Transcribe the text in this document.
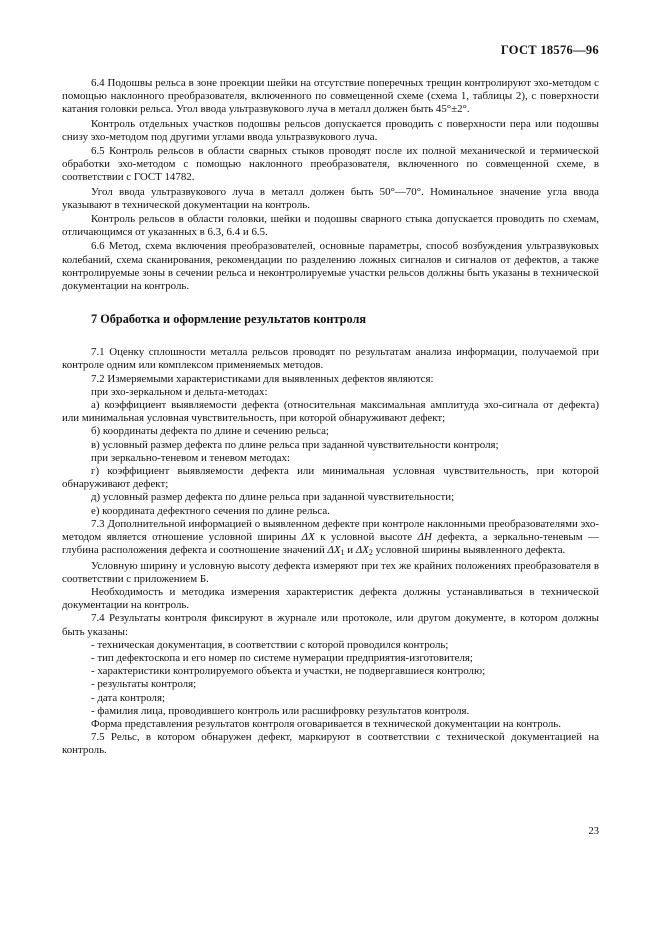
ГОСТ 18576—96

6.4 Подошвы рельса в зоне проекции шейки на отсутствие поперечных трещин контролируют эхо-методом с помощью наклонного преобразователя, включенного по совмещенной схеме (схема 1, таблицы 2), с поверхности катания головки рельса. Угол ввода ультразвукового луча в металл должен быть 45°±2°.

Контроль отдельных участков подошвы рельсов допускается проводить с поверхности пера или подошвы снизу эхо-методом под другими углами ввода ультразвукового луча.

6.5 Контроль рельсов в области сварных стыков проводят после их полной механической и термической обработки эхо-методом с помощью наклонного преобразователя, включенного по совмещенной схеме, в соответствии с ГОСТ 14782.

Угол ввода ультразвукового луча в металл должен быть 50°—70°. Номинальное значение угла ввода указывают в технической документации на контроль.

Контроль рельсов в области головки, шейки и подошвы сварного стыка допускается проводить по схемам, отличающимся от указанных в 6.3, 6.4 и 6.5.

6.6 Метод, схема включения преобразователей, основные параметры, способ возбуждения ультразвуковых колебаний, схема сканирования, рекомендации по разделению ложных сигналов и сигналов от дефектов, а также контролируемые зоны в сечении рельса и неконтролируемые участки рельсов должны быть указаны в технической документации на контроль.

7 Обработка и оформление результатов контроля

7.1 Оценку сплошности металла рельсов проводят по результатам анализа информации, получаемой при контроле одним или комплексом применяемых методов.

7.2 Измеряемыми характеристиками для выявленных дефектов являются:

при эхо-зеркальном и дельта-методах:

а) коэффициент выявляемости дефекта (относительная максимальная амплитуда эхо-сигнала от дефекта) или минимальная условная чувствительность, при которой обнаруживают дефект;

б) координаты дефекта по длине и сечению рельса;

в) условный размер дефекта по длине рельса при заданной чувствительности контроля;

при зеркально-теневом и теневом методах:

г) коэффициент выявляемости дефекта или минимальная условная чувствительность, при которой обнаруживают дефект;

д) условный размер дефекта по длине рельса при заданной чувствительности;

е) координата дефектного сечения по длине рельса.

7.3 Дополнительной информацией о выявленном дефекте при контроле наклонными преобразователями эхо-методом является отношение условной ширины ΔX к условной высоте ΔH дефекта, а зеркально-теневым — глубина расположения дефекта и соотношение значений $\Delta X_1$ и $\Delta X_2$ условной ширины выявленного дефекта.

Условную ширину и условную высоту дефекта измеряют при тех же крайних положениях преобразователя в соответствии с приложением Б.

Необходимость и методика измерения характеристик дефекта должны устанавливаться в технической документации на контроль.

7.4 Результаты контроля фиксируют в журнале или протоколе, или другом документе, в котором должны быть указаны:

- техническая документация, в соответствии с которой проводился контроль;

- тип дефектоскопа и его номер по системе нумерации предприятия-изготовителя;

- характеристики контролируемого объекта и участки, не подвергавшиеся контролю;

- результаты контроля;

- дата контроля;

- фамилия лица, проводившего контроль или расшифровку результатов контроля.

Форма представления результатов контроля оговаривается в технической документации на контроль.

7.5 Рельс, в котором обнаружен дефект, маркируют в соответствии с технической документацией на контроль.

23
